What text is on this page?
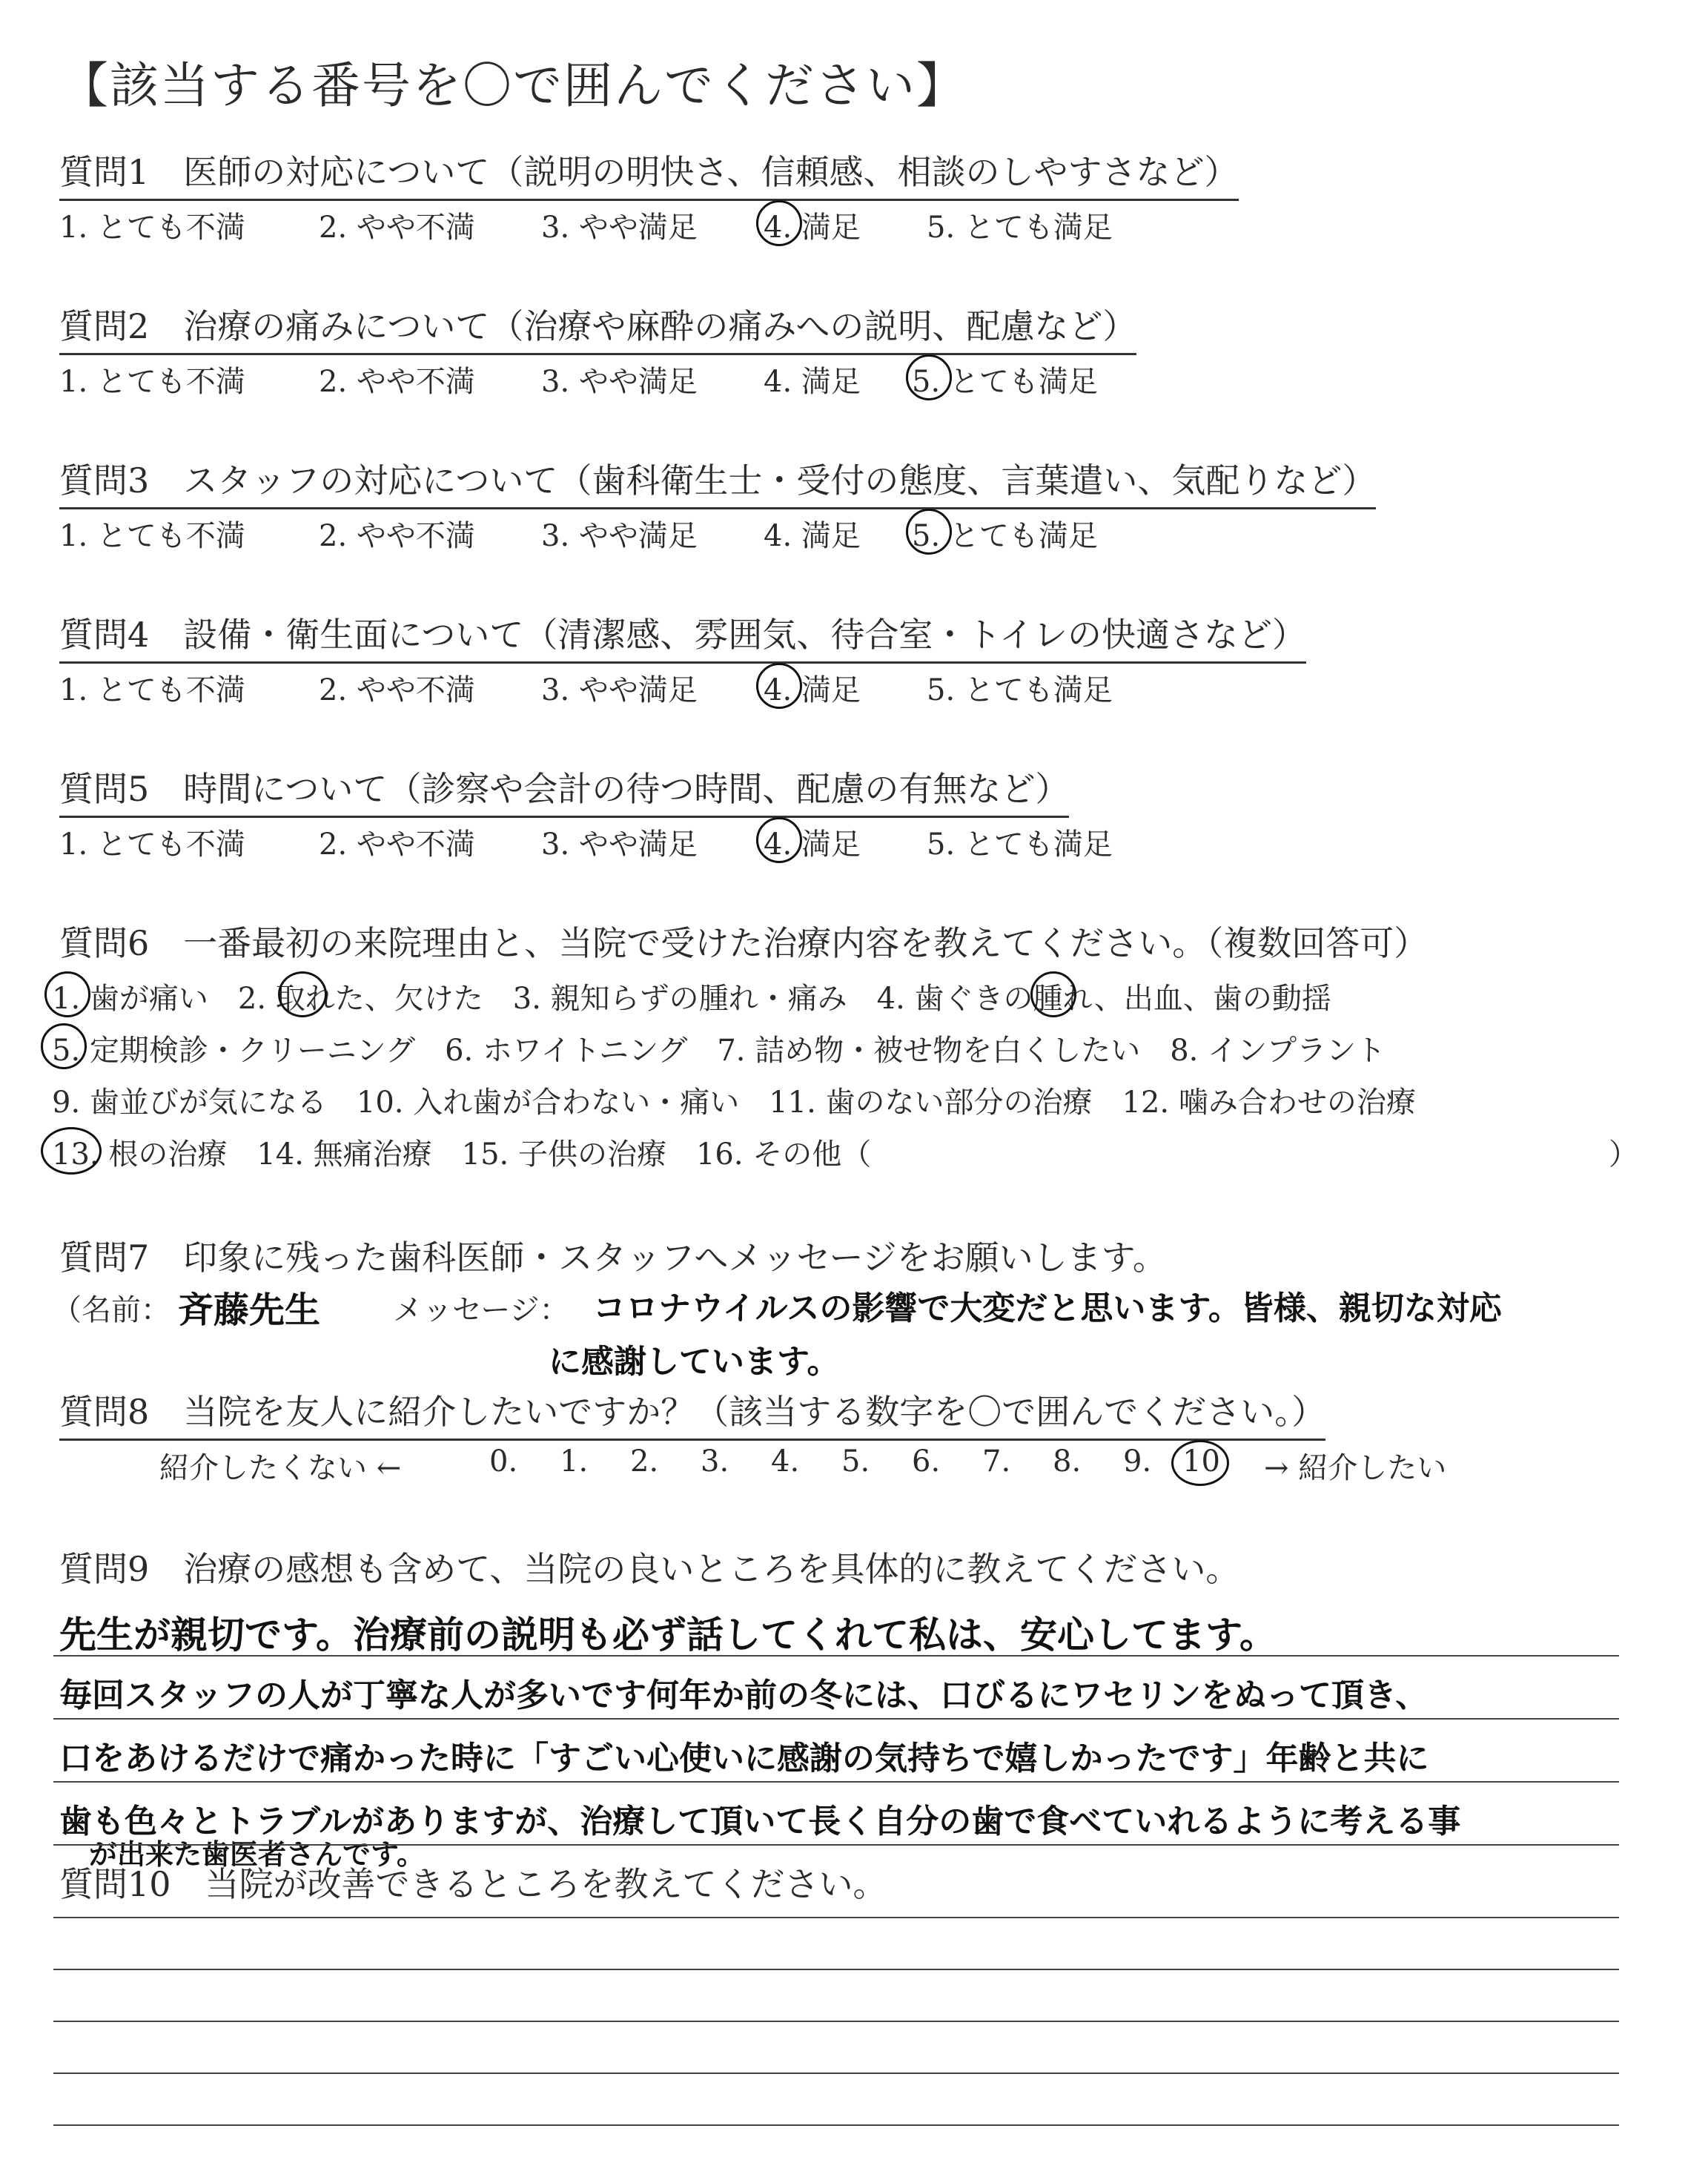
【該当する番号を〇で囲んでください】
質問1　医師の対応について（説明の明快さ、信頼感、相談のしやすさなど）
1. とても不満 2. やや不満 3. やや満足 4. 満足 5. とても満足
質問2　治療の痛みについて（治療や麻酔の痛みへの説明、配慮など）
1. とても不満 2. やや不満 3. やや満足 4. 満足 5. とても満足
質問3　スタッフの対応について（歯科衛生士・受付の態度、言葉遣い、気配りなど）
1. とても不満 2. やや不満 3. やや満足 4. 満足 5. とても満足
質問4　設備・衛生面について（清潔感、雰囲気、待合室・トイレの快適さなど）
1. とても不満 2. やや不満 3. やや満足 4. 満足 5. とても満足
質問5　時間について（診察や会計の待つ時間、配慮の有無など）
1. とても不満 2. やや不満 3. やや満足 4. 満足 5. とても満足
質問6　一番最初の来院理由と、当院で受けた治療内容を教えてください。（複数回答可）
1. 歯が痛い　2. 取れた、欠けた　3. 親知らずの腫れ・痛み　4. 歯ぐきの腫れ、出血、歯の動揺
5. 定期検診・クリーニング　6. ホワイトニング　7. 詰め物・被せ物を白くしたい　8. インプラント
9. 歯並びが気になる　10. 入れ歯が合わない・痛い　11. 歯のない部分の治療　12. 噛み合わせの治療
13. 根の治療　14. 無痛治療　15. 子供の治療　16. その他（	）
質問7　印象に残った歯科医師・スタッフへメッセージをお願いします。
（名前： 斉藤先生 メッセージ： コロナウイルスの影響で大変だと思います。皆様、親切な対応
に感謝しています。
質問8　当院を友人に紹介したいですか？（該当する数字を〇で囲んでください。）
紹介したくない ←	0. 1. 2. 3. 4. 5. 6. 7. 8. 9. 10 → 紹介したい
質問9　治療の感想も含めて、当院の良いところを具体的に教えてください。
先生が親切です。治療前の説明も必ず話してくれて私は、安心してます。
毎回スタッフの人が丁寧な人が多いです何年か前の冬には、口びるにワセリンをぬって頂き、
口をあけるだけで痛かった時に「すごい心使いに感謝の気持ちで嬉しかったです」年齢と共に
歯も色々とトラブルがありますが、治療して頂いて長く自分の歯で食べていれるように考える事
が出来た歯医者さんです。
質問10　当院が改善できるところを教えてください。
